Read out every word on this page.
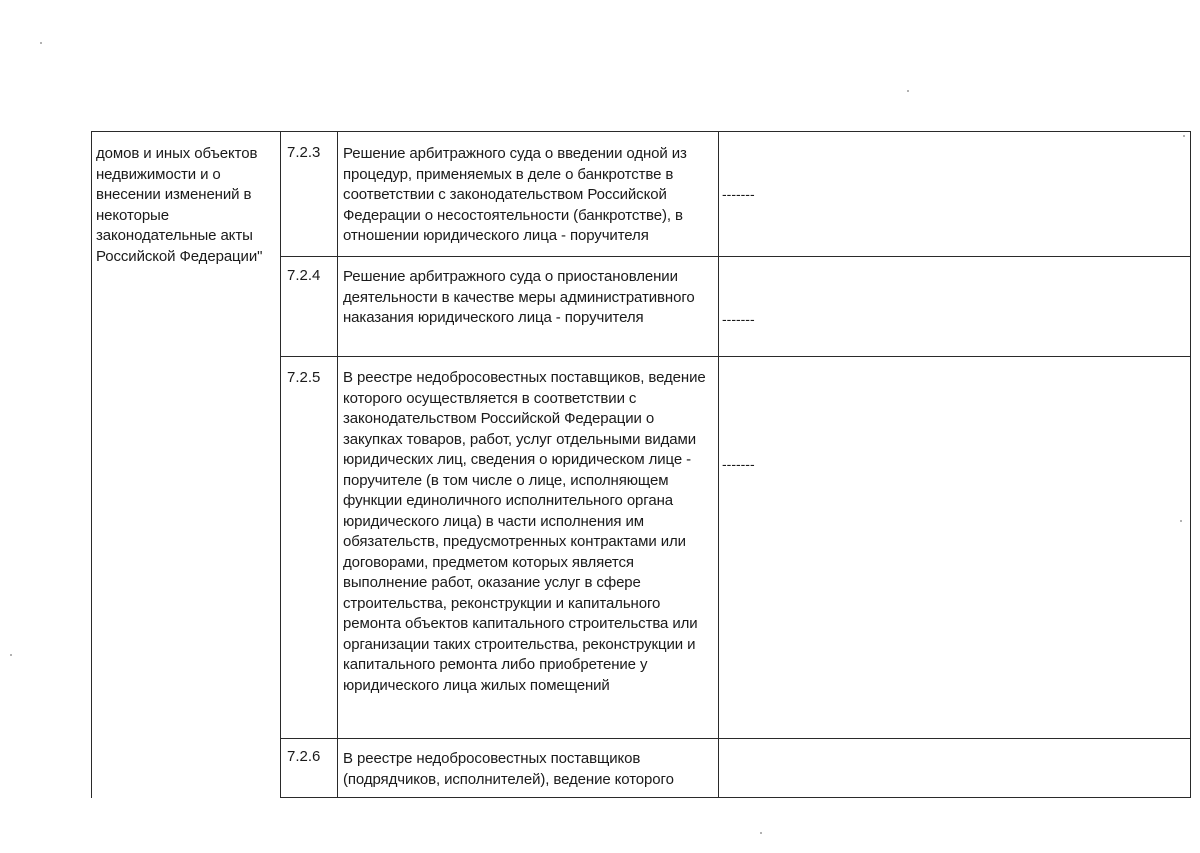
домов и иных объектов недвижимости и о внесении изменений в некоторые законодательные акты Российской Федерации"
7.2.3 Решение арбитражного суда о введении одной из процедур, применяемых в деле о банкротстве в соответствии с законодательством Российской Федерации о несостоятельности (банкротстве), в отношении юридического лица - поручителя
-------
7.2.4 Решение арбитражного суда о приостановлении деятельности в качестве меры административного наказания юридического лица - поручителя	-------
7.2.5 В реестре недобросовестных поставщиков, ведение которого осуществляется в соответствии с законодательством Российской Федерации о закупках товаров, работ, услуг отдельными видами юридических лиц, сведения о юридическом лице - поручителе (в том числе о лице, исполняющем функции единоличного исполнительного органа юридического лица) в части исполнения им обязательств, предусмотренных контрактами или договорами, предметом которых является выполнение работ, оказание услуг в сфере строительства, реконструкции и капитального ремонта объектов капитального строительства или организации таких строительства, реконструкции и капитального ремонта либо приобретение у юридического лица жилых помещений
-------
7.2.6 В реестре недобросовестных поставщиков (подрядчиков, исполнителей), ведение которого
